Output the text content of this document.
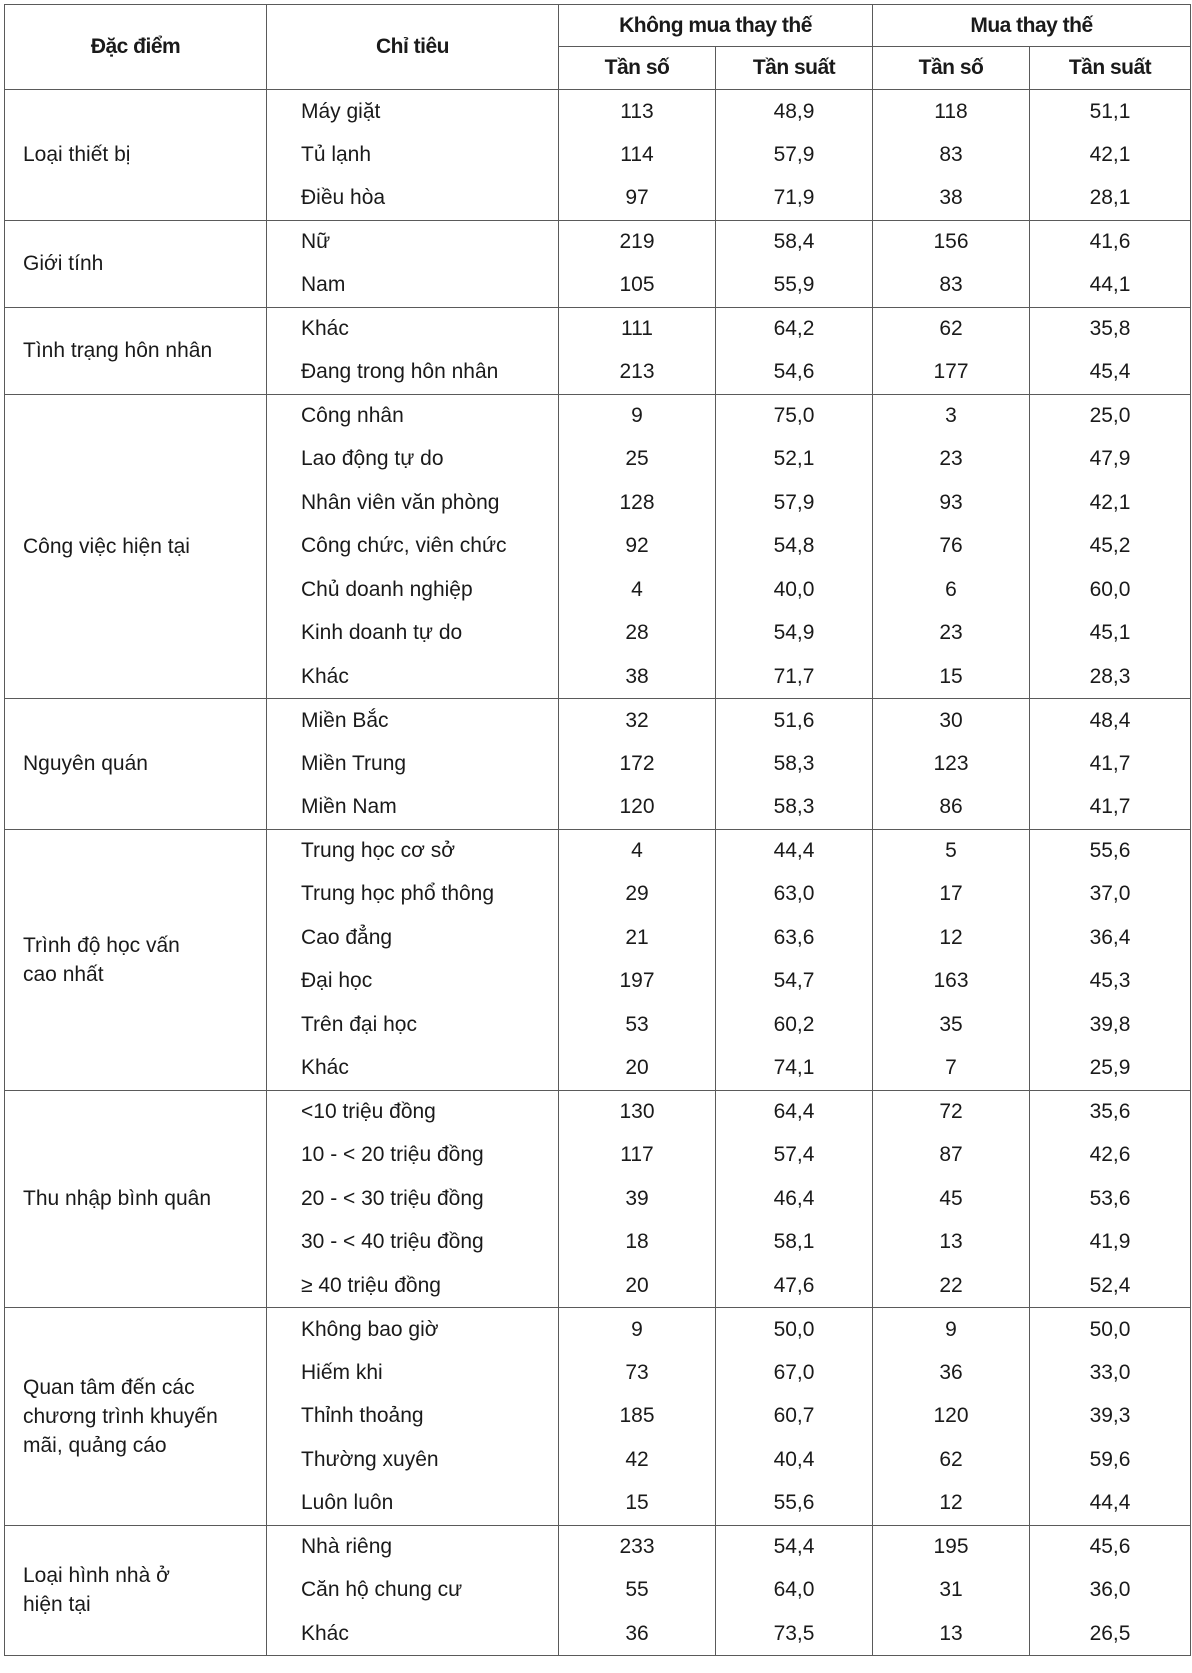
Đặc điểm	Chỉ tiêu	Không mua thay thế		Mua thay thế	
		Tần số	Tần suất	Tần số	Tần suất
Loại thiết bị	Máy giặt	113	48,9	118	51,1
	Tủ lạnh	114	57,9	83	42,1
	Điều hòa	97	71,9	38	28,1
Giới tính	Nữ	219	58,4	156	41,6
	Nam	105	55,9	83	44,1
Tình trạng hôn nhân	Khác	111	64,2	62	35,8
	Đang trong hôn nhân	213	54,6	177	45,4
Công việc hiện tại	Công nhân	9	75,0	3	25,0
	Lao động tự do	25	52,1	23	47,9
	Nhân viên văn phòng	128	57,9	93	42,1
	Công chức, viên chức	92	54,8	76	45,2
	Chủ doanh nghiệp	4	40,0	6	60,0
	Kinh doanh tự do	28	54,9	23	45,1
	Khác	38	71,7	15	28,3
Nguyên quán	Miền Bắc	32	51,6	30	48,4
	Miền Trung	172	58,3	123	41,7
	Miền Nam	120	58,3	86	41,7
Trình độ học vấn
cao nhất	Trung học cơ sở	4	44,4	5	55,6
	Trung học phổ thông	29	63,0	17	37,0
	Cao đẳng	21	63,6	12	36,4
	Đại học	197	54,7	163	45,3
	Trên đại học	53	60,2	35	39,8
	Khác	20	74,1	7	25,9
Thu nhập bình quân	<10 triệu đồng	130	64,4	72	35,6
	10 - < 20 triệu đồng	117	57,4	87	42,6
	20 - < 30 triệu đồng	39	46,4	45	53,6
	30 - < 40 triệu đồng	18	58,1	13	41,9
	≥ 40 triệu đồng	20	47,6	22	52,4
Quan tâm đến các
chương trình khuyến
mãi, quảng cáo	Không bao giờ	9	50,0	9	50,0
	Hiếm khi	73	67,0	36	33,0
	Thỉnh thoảng	185	60,7	120	39,3
	Thường xuyên	42	40,4	62	59,6
	Luôn luôn	15	55,6	12	44,4
Loại hình nhà ở
hiện tại	Nhà riêng	233	54,4	195	45,6
	Căn hộ chung cư	55	64,0	31	36,0
	Khác	36	73,5	13	26,5
